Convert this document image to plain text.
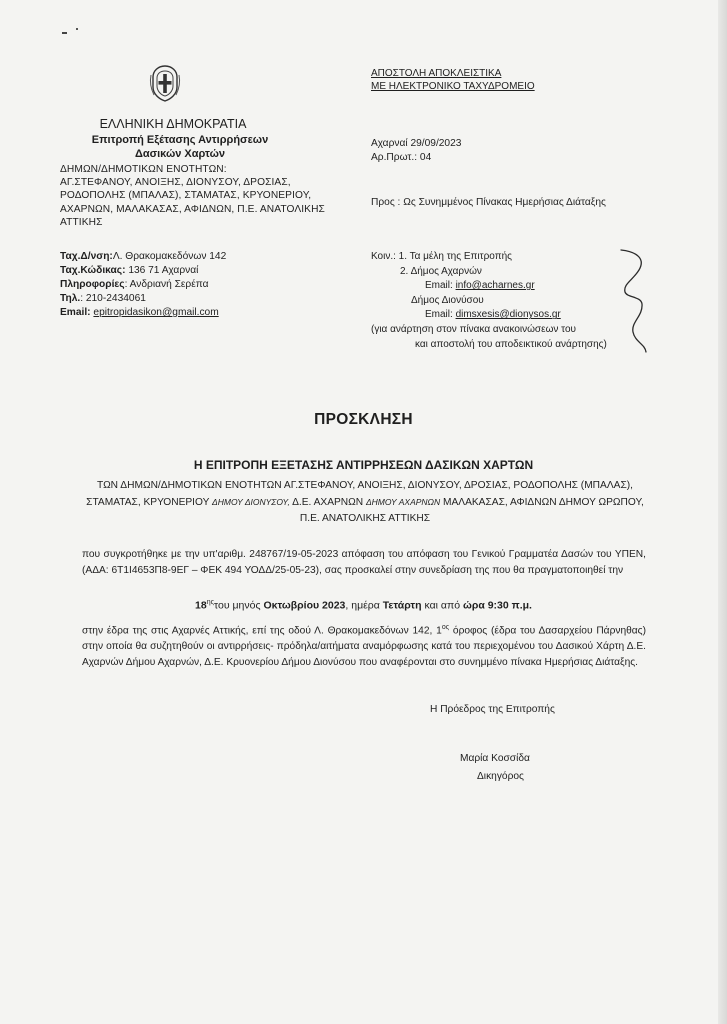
ΕΛΛΗΝΙΚΗ ΔΗΜΟΚΡΑΤΙΑ
Επιτροπή Εξέτασης Αντιρρήσεων
Δασικών Χαρτών
ΔΗΜΩΝ/ΔΗΜΟΤΙΚΩΝ ΕΝΟΤΗΤΩΝ:
ΑΓ.ΣΤΕΦΑΝΟΥ, ΑΝΟΙΞΗΣ, ΔΙΟΝΥΣΟΥ, ΔΡΟΣΙΑΣ,
ΡΟΔΟΠΟΛΗΣ (ΜΠΑΛΑΣ), ΣΤΑΜΑΤΑΣ, ΚΡΥΟΝΕΡΙΟΥ,
ΑΧΑΡΝΩΝ, ΜΑΛΑΚΑΣΑΣ, ΑΦΙΔΝΩΝ, Π.Ε. ΑΝΑΤΟΛΙΚΗΣ
ΑΤΤΙΚΗΣ
Ταχ.Δ/νση:Λ. Θρακομακεδόνων 142
Ταχ.Κώδικας: 136 71 Αχαρναί
Πληροφορίες: Ανδριανή Σερέπα
Τηλ.: 210-2434061
Email: epitropidasikon@gmail.com
ΑΠΟΣΤΟΛΗ ΑΠΟΚΛΕΙΣΤΙΚΑ
ΜΕ ΗΛΕΚΤΡΟΝΙΚΟ ΤΑΧΥΔΡΟΜΕΙΟ
Αχαρναί 29/09/2023
Αρ.Πρωτ.: 04
Προς : Ως Συνημμένος Πίνακας Ημερήσιας Διάταξης
Κοιν.: 1. Τα μέλη της Επιτροπής
2. Δήμος Αχαρνών
Email: info@acharnes.gr
Δήμος Διονύσου
Email: dimsxesis@dionysos.gr
(για ανάρτηση στον πίνακα ανακοινώσεων του
και αποστολή του αποδεικτικού ανάρτησης)
ΠΡΟΣΚΛΗΣΗ
Η ΕΠΙΤΡΟΠΗ ΕΞΕΤΑΣΗΣ ΑΝΤΙΡΡΗΣΕΩΝ ΔΑΣΙΚΩΝ ΧΑΡΤΩΝ
ΤΩΝ ΔΗΜΩΝ/ΔΗΜΟΤΙΚΩΝ ΕΝΟΤΗΤΩΝ ΑΓ.ΣΤΕΦΑΝΟΥ, ΑΝΟΙΞΗΣ, ΔΙΟΝΥΣΟΥ, ΔΡΟΣΙΑΣ, ΡΟΔΟΠΟΛΗΣ (ΜΠΑΛΑΣ), ΣΤΑΜΑΤΑΣ, ΚΡΥΟΝΕΡΙΟΥ ΔΗΜΟΥ ΔΙΟΝΥΣΟΥ, Δ.Ε. ΑΧΑΡΝΩΝ ΔΗΜΟΥ ΑΧΑΡΝΩΝ ΜΑΛΑΚΑΣΑΣ, ΑΦΙΔΝΩΝ ΔΗΜΟΥ ΩΡΩΠΟΥ, Π.Ε. ΑΝΑΤΟΛΙΚΗΣ ΑΤΤΙΚΗΣ
που συγκροτήθηκε με την υπ'αριθμ. 248767/19-05-2023 απόφαση του απόφαση του Γενικού Γραμματέα Δασών του ΥΠΕΝ, (ΑΔΑ: 6Τ1Ι4653Π8-9ΕΓ – ΦΕΚ 494 ΥΟΔΔ/25-05-23), σας προσκαλεί στην συνεδρίαση της που θα πραγματοποιηθεί την
$18^{\eta\varsigma}\tau o\upsilon$ μηνός Οκτωβρίου 2023, ημέρα Τετάρτη και από ώρα 9:30 π.μ.
στην έδρα της στις Αχαρνές Αττικής, επί της οδού Λ. Θρακομακεδόνων 142, $1^{o\varsigma}$ όροφος (έδρα του Δασαρχείου Πάρνηθας) στην οποία θα συζητηθούν οι αντιρρήσεις- πρόδηλα/αιτήματα αναμόρφωσης κατά του περιεχομένου του Δασικού Χάρτη Δ.Ε. Αχαρνών Δήμου Αχαρνών, Δ.Ε. Κρυονερίου Δήμου Διονύσου που αναφέρονται στο συνημμένο πίνακα Ημερήσιας Διάταξης.
Η Πρόεδρος της Επιτροπής
Μαρία Κοσσίδα
Δικηγόρος
